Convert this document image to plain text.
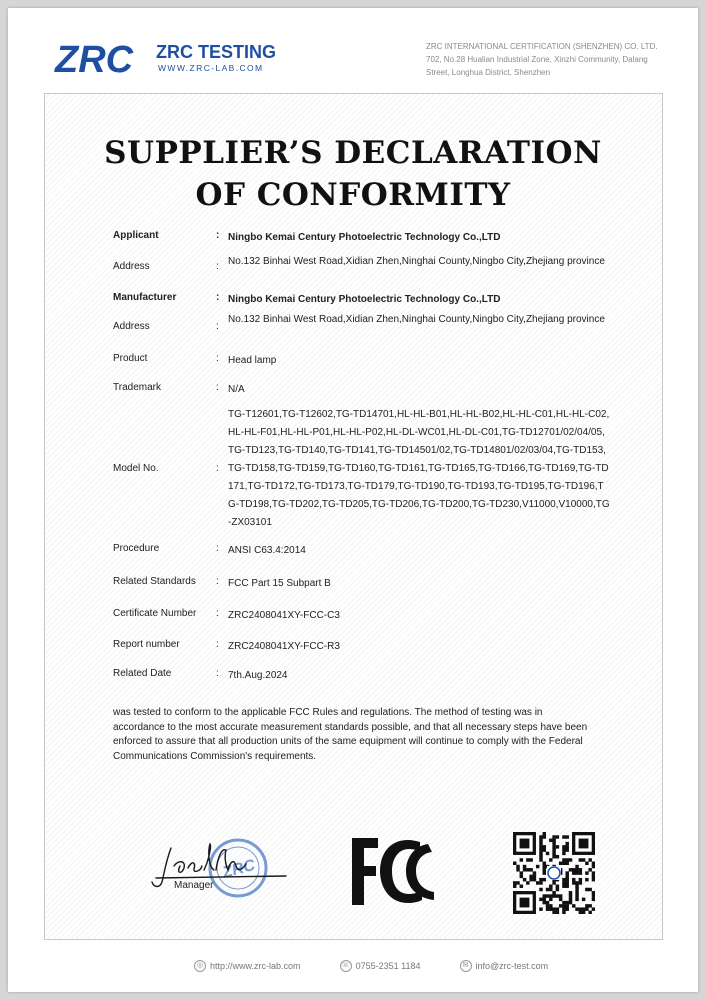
ZRC ZRC TESTING
WWW.ZRC-LAB.COM
ZRC INTERNATIONAL CERTIFICATION (SHENZHEN) CO. LTD.
702, No.28 Hualian Industrial Zone, Xinzhi Community, Dalang
Street, Longhua District, Shenzhen
SUPPLIER’S DECLARATION
OF CONFORMITY
Applicant	: Ningbo Kemai Century Photoelectric Technology Co.,LTD
Address	: No.132 Binhai West Road,Xidian Zhen,Ninghai County,Ningbo City,Zhejiang province
Manufacturer	: Ningbo Kemai Century Photoelectric Technology Co.,LTD
Address	:
No.132 Binhai West Road,Xidian Zhen,Ninghai County,Ningbo City,Zhejiang province
Product	: Head lamp
Trademark	: N/A
Model No.	:
TG-T12601,TG-T12602,TG-TD14701,HL-HL-B01,HL-HL-B02,HL-HL-C01,HL-HL-C02,HL-HL-F01,HL-HL-P01,HL-HL-P02,HL-DL-WC01,HL-DL-C01,TG-TD12701/02/04/05,TG-TD123,TG-TD140,TG-TD141,TG-TD14501/02,TG-TD14801/02/03/04,TG-TD153,TG-TD158,TG-TD159,TG-TD160,TG-TD161,TG-TD165,TG-TD166,TG-TD169,TG-TD171,TG-TD172,TG-TD173,TG-TD179,TG-TD190,TG-TD193,TG-TD195,TG-TD196,TG-TD198,TG-TD202,TG-TD205,TG-TD206,TG-TD200,TG-TD230,V11000,V10000,TG-ZX03101
Procedure	: ANSI C63.4:2014
Related Standards	: FCC Part 15 Subpart B
Certificate Number	: ZRC2408041XY-FCC-C3
Report number	: ZRC2408041XY-FCC-R3
Related Date	: 7th.Aug.2024
was tested to conform to the applicable FCC Rules and regulations. The method of testing was in accordance to the most accurate measurement standards possible, and that all necessary steps have been enforced to assure that all production units of the same equipment will continue to comply with the Federal Communications Commission's requirements.
ZRC
Manager
FCC
◎ http://www.zrc-lab.com	☏ 0755-2351 1184	✉ info@zrc-test.com
